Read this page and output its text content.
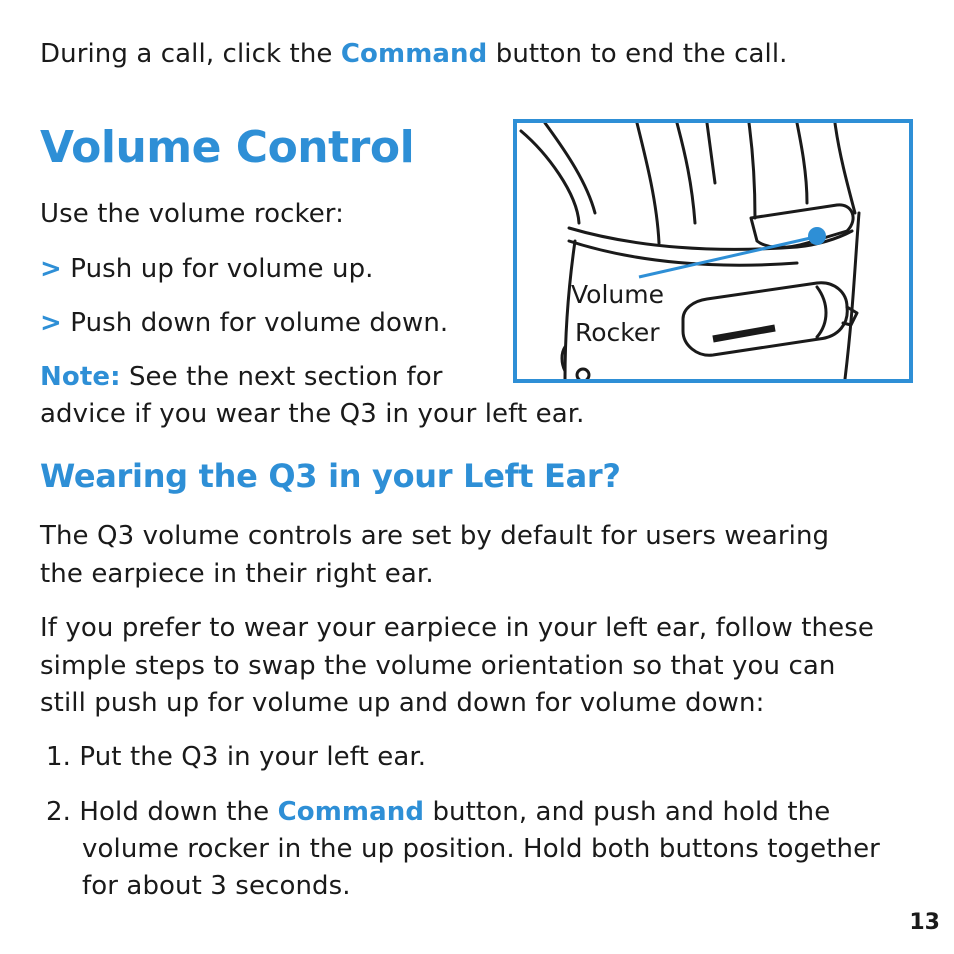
During a call, click the Command button to end the call.
Volume Control
Use the volume rocker:
> Push up for volume up.
> Push down for volume down.
Note: See the next section for
advice if you wear the Q3 in your left ear.
Volume
Rocker
Wearing the Q3 in your Left Ear?
The Q3 volume controls are set by default for users wearing
the earpiece in their right ear.
If you prefer to wear your earpiece in your left ear, follow these
simple steps to swap the volume orientation so that you can
still push up for volume up and down for volume down:
1. Put the Q3 in your left ear.
2. Hold down the Command button, and push and hold the
volume rocker in the up position. Hold both buttons together
for about 3 seconds.
13
